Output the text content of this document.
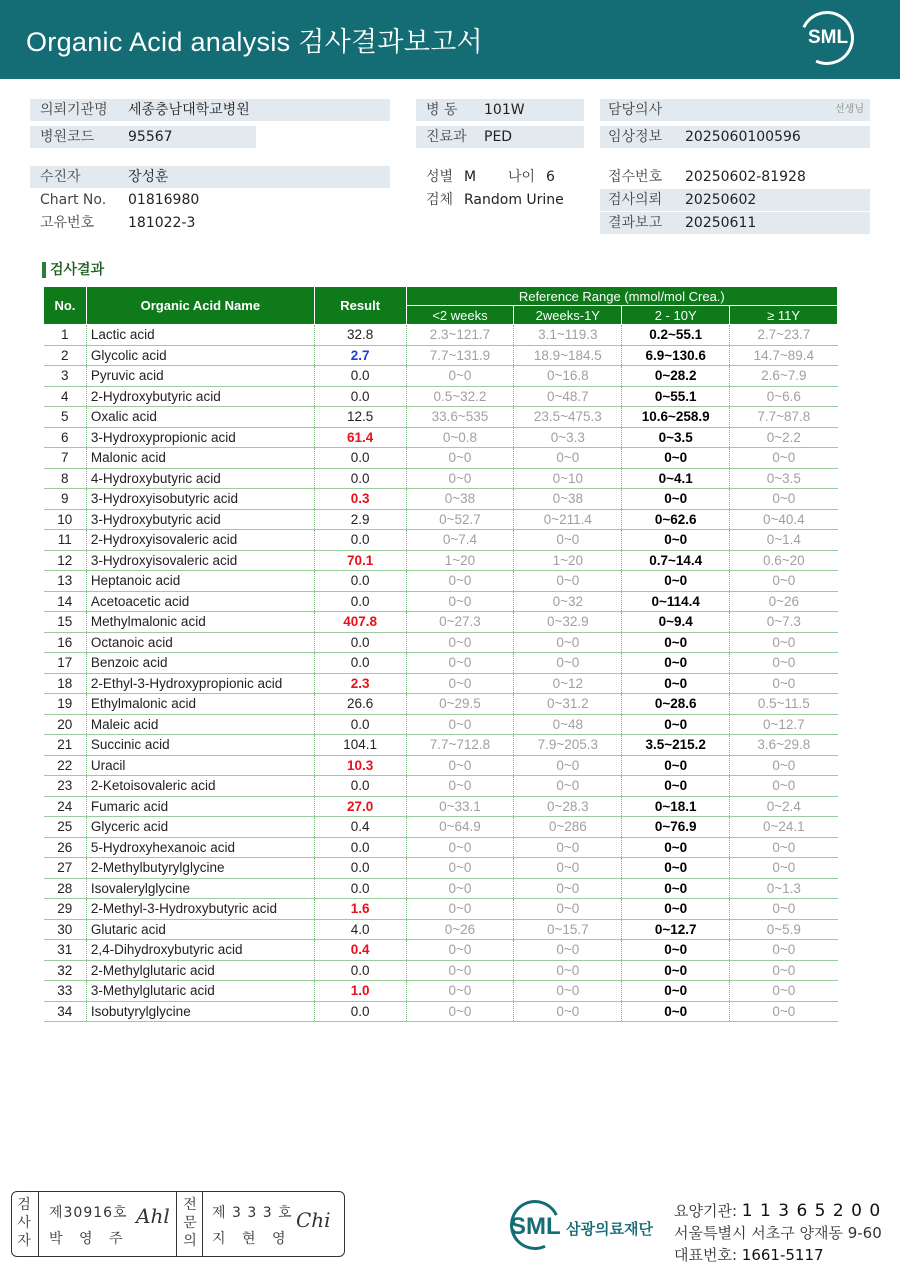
Organic Acid analysis 검사결과보고서	SML
의뢰기관명 세종충남대학교병원
병원코드 95567
병 동 101W
진료과 PED
담당의사	선생님
임상정보 2025060100596
수진자	장성훈
Chart No. 01816980
고유번호 181022-3
성별 M 나이 6
검체 Random Urine
접수번호 20250602-81928
검사의뢰 20250602
결과보고 20250611
검사결과
No.	Organic Acid Name	Result	Reference Range (mmol/mol Crea.)			
			<2 weeks	2weeks-1Y	2 - 10Y	≥ 11Y
1	Lactic acid	32.8	2.3~121.7	3.1~119.3	0.2~55.1	2.7~23.7
2	Glycolic acid	2.7	7.7~131.9	18.9~184.5	6.9~130.6	14.7~89.4
3	Pyruvic acid	0.0	0~0	0~16.8	0~28.2	2.6~7.9
4	2-Hydroxybutyric acid	0.0	0.5~32.2	0~48.7	0~55.1	0~6.6
5	Oxalic acid	12.5	33.6~535	23.5~475.3	10.6~258.9	7.7~87.8
6	3-Hydroxypropionic acid	61.4	0~0.8	0~3.3	0~3.5	0~2.2
7	Malonic acid	0.0	0~0	0~0	0~0	0~0
8	4-Hydroxybutyric acid	0.0	0~0	0~10	0~4.1	0~3.5
9	3-Hydroxyisobutyric acid	0.3	0~38	0~38	0~0	0~0
10	3-Hydroxybutyric acid	2.9	0~52.7	0~211.4	0~62.6	0~40.4
11	2-Hydroxyisovaleric acid	0.0	0~7.4	0~0	0~0	0~1.4
12	3-Hydroxyisovaleric acid	70.1	1~20	1~20	0.7~14.4	0.6~20
13	Heptanoic acid	0.0	0~0	0~0	0~0	0~0
14	Acetoacetic acid	0.0	0~0	0~32	0~114.4	0~26
15	Methylmalonic acid	407.8	0~27.3	0~32.9	0~9.4	0~7.3
16	Octanoic acid	0.0	0~0	0~0	0~0	0~0
17	Benzoic acid	0.0	0~0	0~0	0~0	0~0
18	2-Ethyl-3-Hydroxypropionic acid	2.3	0~0	0~12	0~0	0~0
19	Ethylmalonic acid	26.6	0~29.5	0~31.2	0~28.6	0.5~11.5
20	Maleic acid	0.0	0~0	0~48	0~0	0~12.7
21	Succinic acid	104.1	7.7~712.8	7.9~205.3	3.5~215.2	3.6~29.8
22	Uracil	10.3	0~0	0~0	0~0	0~0
23	2-Ketoisovaleric acid	0.0	0~0	0~0	0~0	0~0
24	Fumaric acid	27.0	0~33.1	0~28.3	0~18.1	0~2.4
25	Glyceric acid	0.4	0~64.9	0~286	0~76.9	0~24.1
26	5-Hydroxyhexanoic acid	0.0	0~0	0~0	0~0	0~0
27	2-Methylbutyrylglycine	0.0	0~0	0~0	0~0	0~0
28	Isovalerylglycine	0.0	0~0	0~0	0~0	0~1.3
29	2-Methyl-3-Hydroxybutyric acid	1.6	0~0	0~0	0~0	0~0
30	Glutaric acid	4.0	0~26	0~15.7	0~12.7	0~5.9
31	2,4-Dihydroxybutyric acid	0.4	0~0	0~0	0~0	0~0
32	2-Methylglutaric acid	0.0	0~0	0~0	0~0	0~0
33	3-Methylglutaric acid	1.0	0~0	0~0	0~0	0~0
34	Isobutyrylglycine	0.0	0~0	0~0	0~0	0~0
검
사
자
제30916호
박 영 주
Ahl 전
문
의
제 3 3 3 호
지 현 영
Chi	SML 삼광의료재단
요양기관: 1 1 3 6 5 2 0 0
서울특별시 서초구 양재동 9-60
대표번호: 1661-5117
